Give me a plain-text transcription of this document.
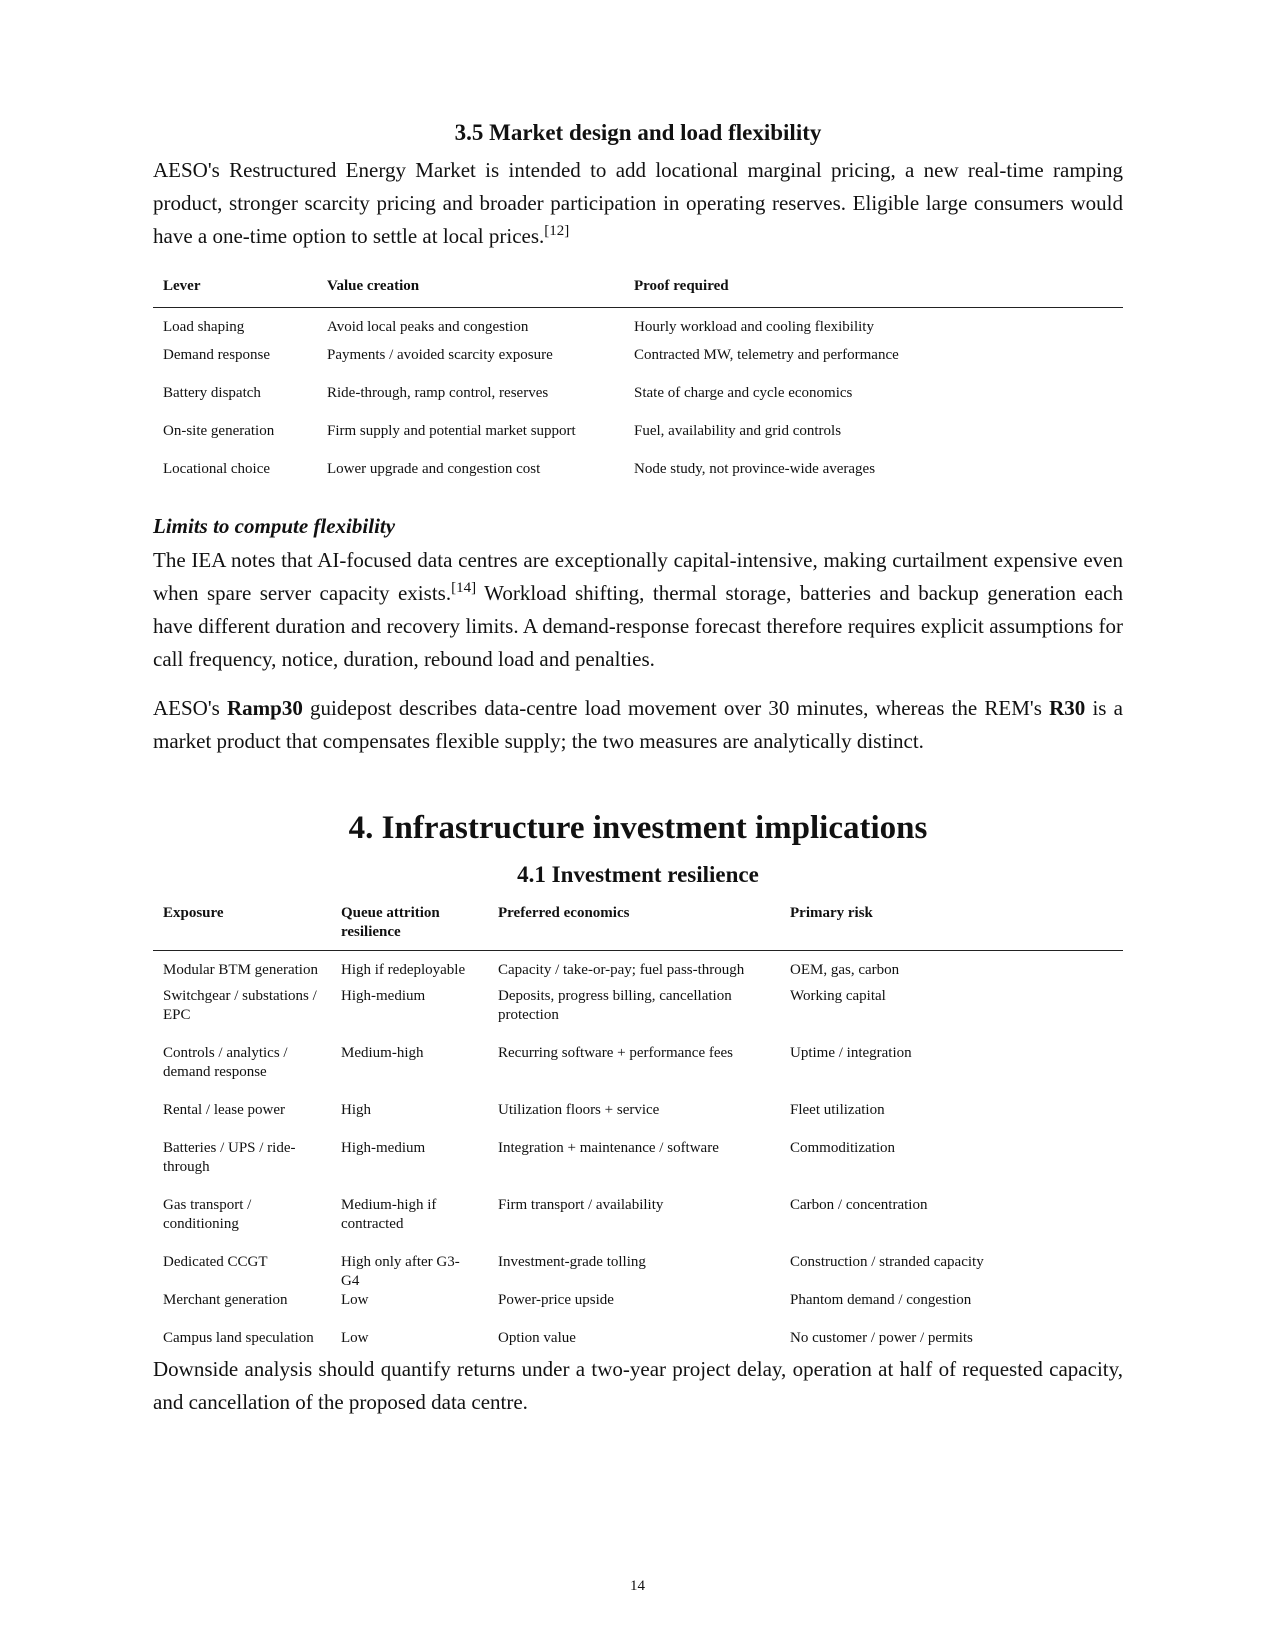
3.5 Market design and load flexibility

AESO's Restructured Energy Market is intended to add locational marginal pricing, a new real-time ramping product, stronger scarcity pricing and broader participation in operating reserves. Eligible large consumers would have a one-time option to settle at local prices.[12]

Lever	Value creation	Proof required
Load shaping	Avoid local peaks and congestion	Hourly workload and cooling flexibility
Demand response	Payments / avoided scarcity exposure	Contracted MW, telemetry and performance
Battery dispatch	Ride-through, ramp control, reserves	State of charge and cycle economics
On-site generation	Firm supply and potential market support	Fuel, availability and grid controls
Locational choice	Lower upgrade and congestion cost	Node study, not province-wide averages
Limits to compute flexibility

The IEA notes that AI-focused data centres are exceptionally capital-intensive, making curtailment expensive even when spare server capacity exists.[14] Workload shifting, thermal storage, batteries and backup generation each have different duration and recovery limits. A demand-response forecast therefore requires explicit assumptions for call frequency, notice, duration, rebound load and penalties.

AESO's Ramp30 guidepost describes data-centre load movement over 30 minutes, whereas the REM's R30 is a market product that compensates flexible supply; the two measures are analytically distinct.

4. Infrastructure investment implications
4.1 Investment resilience
Exposure	Queue attrition resilience	Preferred economics	Primary risk
Modular BTM generation	High if redeployable	Capacity / take-or-pay; fuel pass-through	OEM, gas, carbon
Switchgear / substations / EPC	High-medium	Deposits, progress billing, cancellation protection	Working capital
Controls / analytics / demand response	Medium-high	Recurring software + performance fees	Uptime / integration
Rental / lease power	High	Utilization floors + service	Fleet utilization
Batteries / UPS / ride-through	High-medium	Integration + maintenance / software	Commoditization
Gas transport / conditioning	Medium-high if contracted	Firm transport / availability	Carbon / concentration
Dedicated CCGT	High only after G3-G4	Investment-grade tolling	Construction / stranded capacity
Merchant generation	Low	Power-price upside	Phantom demand / congestion
Campus land speculation	Low	Option value	No customer / power / permits

Downside analysis should quantify returns under a two-year project delay, operation at half of requested capacity, and cancellation of the proposed data centre.

14
